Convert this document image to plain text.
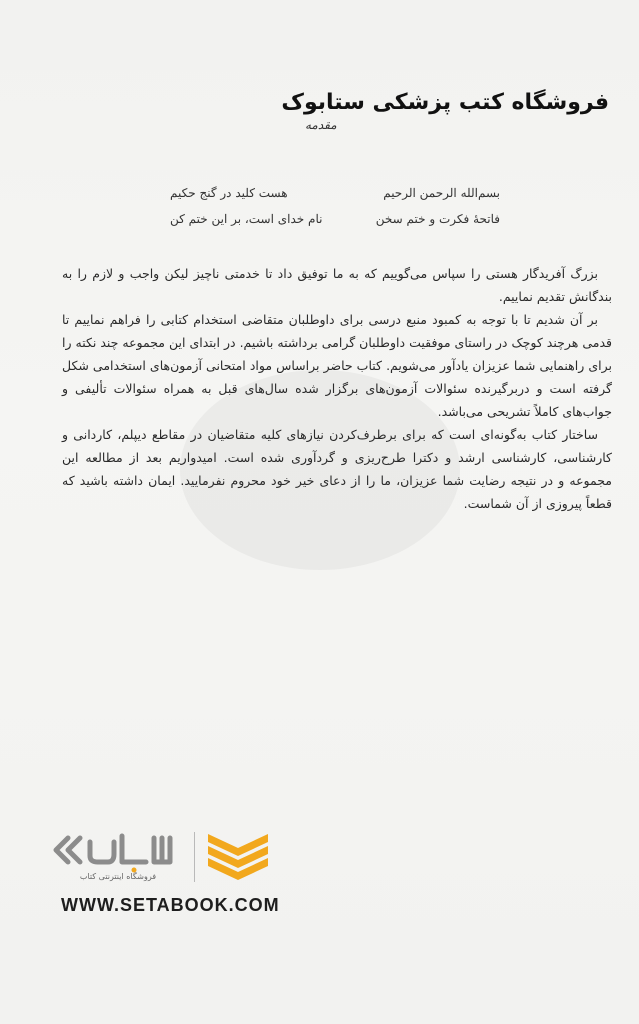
فروشگاه کتب پزشکی ستابوک
مقدمه
بسم‌الله الرحمن الرحیم
هست کلید در گنج حکیم
فاتحهٔ فکرت و ختم سخن
نام خدای است، بر این ختم کن

بزرگ آفریدگار هستی را سپاس می‌گوییم که به ما توفیق داد تا خدمتی ناچیز لیکن واجب و لازم را به بندگانش تقدیم نماییم.

بر آن شدیم تا با توجه به کمبود منبع درسی برای داوطلبان متقاضی استخدام کتابی را فراهم نماییم تا قدمی هرچند کوچک در راستای موفقیت داوطلبان گرامی برداشته باشیم. در ابتدای این مجموعه چند نکته را برای راهنمایی شما عزیزان یادآور می‌شویم. کتاب حاضر براساس مواد امتحانی آزمون‌های استخدامی شکل گرفته است و دربرگیرنده سئوالات آزمون‌های برگزار شده سال‌های قبل به همراه سئوالات تألیفی و جواب‌های کاملاً تشریحی می‌باشد.

ساختار کتاب به‌گونه‌ای است که برای برطرف‌کردن نیازهای کلیه متقاضیان در مقاطع دیپلم، کاردانی و کارشناسی، کارشناسی ارشد و دکترا طرح‌ریزی و گردآوری شده است. امیدواریم بعد از مطالعه این مجموعه و در نتیجه رضایت شما عزیزان، ما را از دعای خیر خود محروم نفرمایید. ایمان داشته باشید که قطعاً پیروزی از آن شماست.

فروشگاه اینترنتی کتاب
WWW.SETABOOK.COM
